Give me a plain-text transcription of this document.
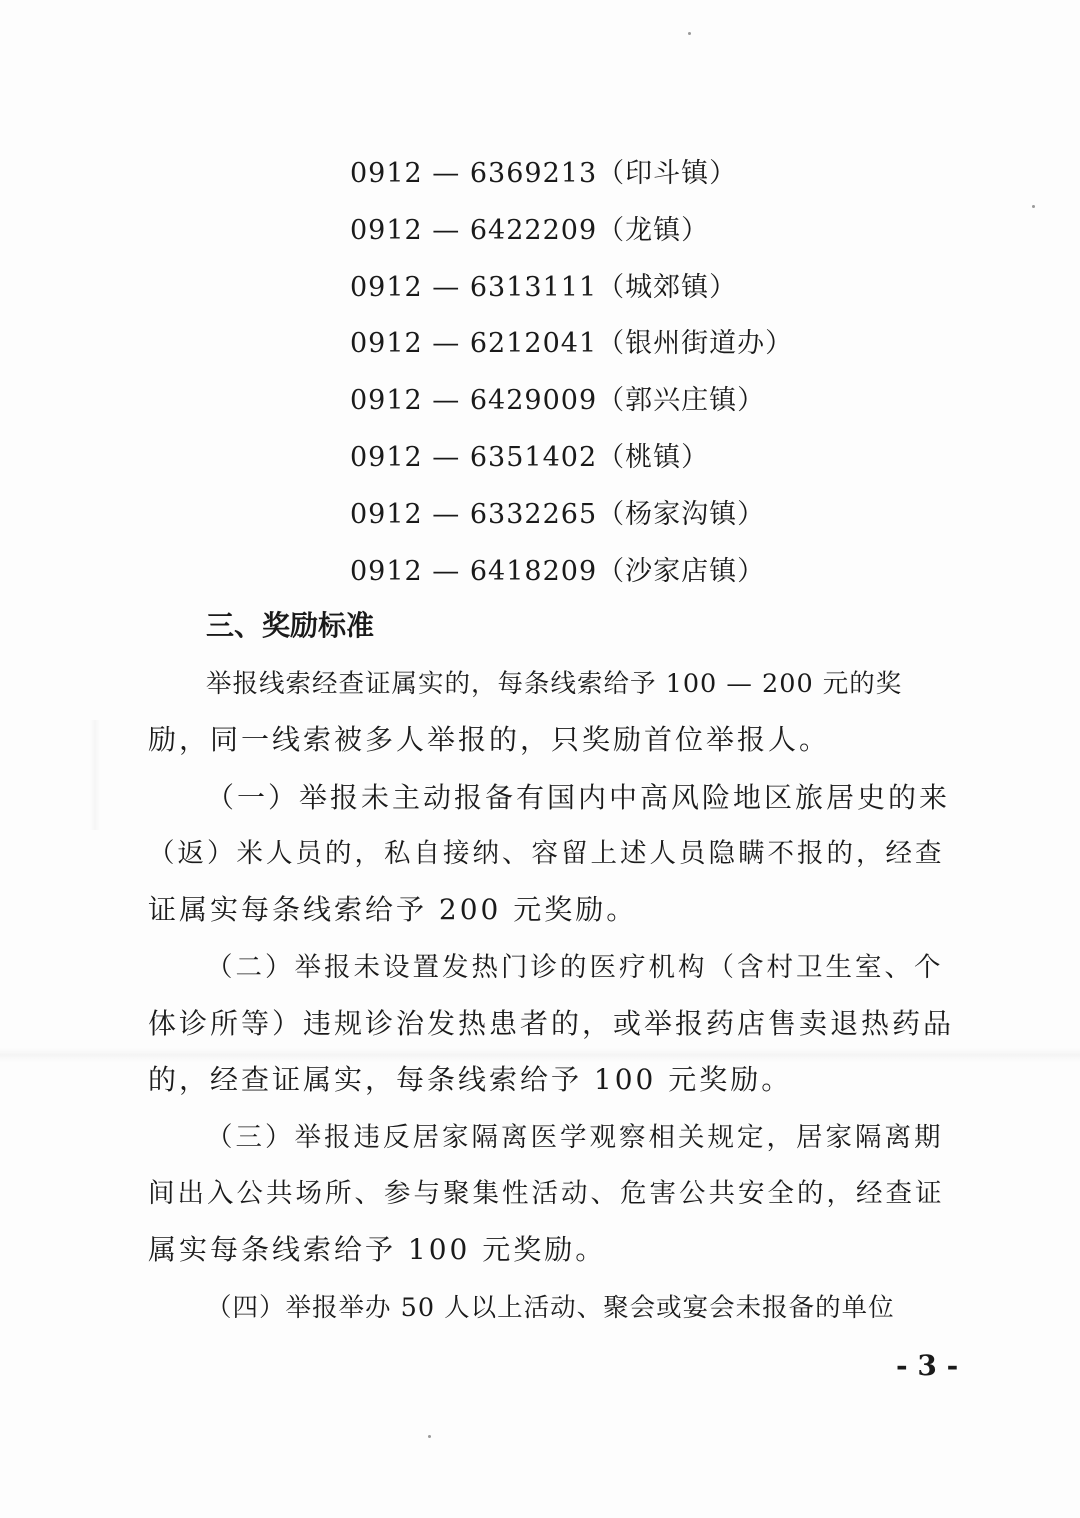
0912 — 6369213（印斗镇）
0912 — 6422209（龙镇）
0912 — 6313111（城郊镇）
0912 — 6212041（银州街道办）
0912 — 6429009（郭兴庄镇）
0912 — 6351402（桃镇）
0912 — 6332265（杨家沟镇）
0912 — 6418209（沙家店镇）
三、奖励标准
举报线索经查证属实的，每条线索给予 100 — 200 元的奖
励，同一线索被多人举报的，只奖励首位举报人。
（一）举报未主动报备有国内中高风险地区旅居史的来
（返）米人员的，私自接纳、容留上述人员隐瞒不报的，经查
证属实每条线索给予 200 元奖励。
（二）举报未设置发热门诊的医疗机构（含村卫生室、个
体诊所等）违规诊治发热患者的，或举报药店售卖退热药品
的，经查证属实，每条线索给予 100 元奖励。
（三）举报违反居家隔离医学观察相关规定，居家隔离期
间出入公共场所、参与聚集性活动、危害公共安全的，经查证
属实每条线索给予 100 元奖励。
（四）举报举办 50 人以上活动、聚会或宴会未报备的单位
- 3 -
